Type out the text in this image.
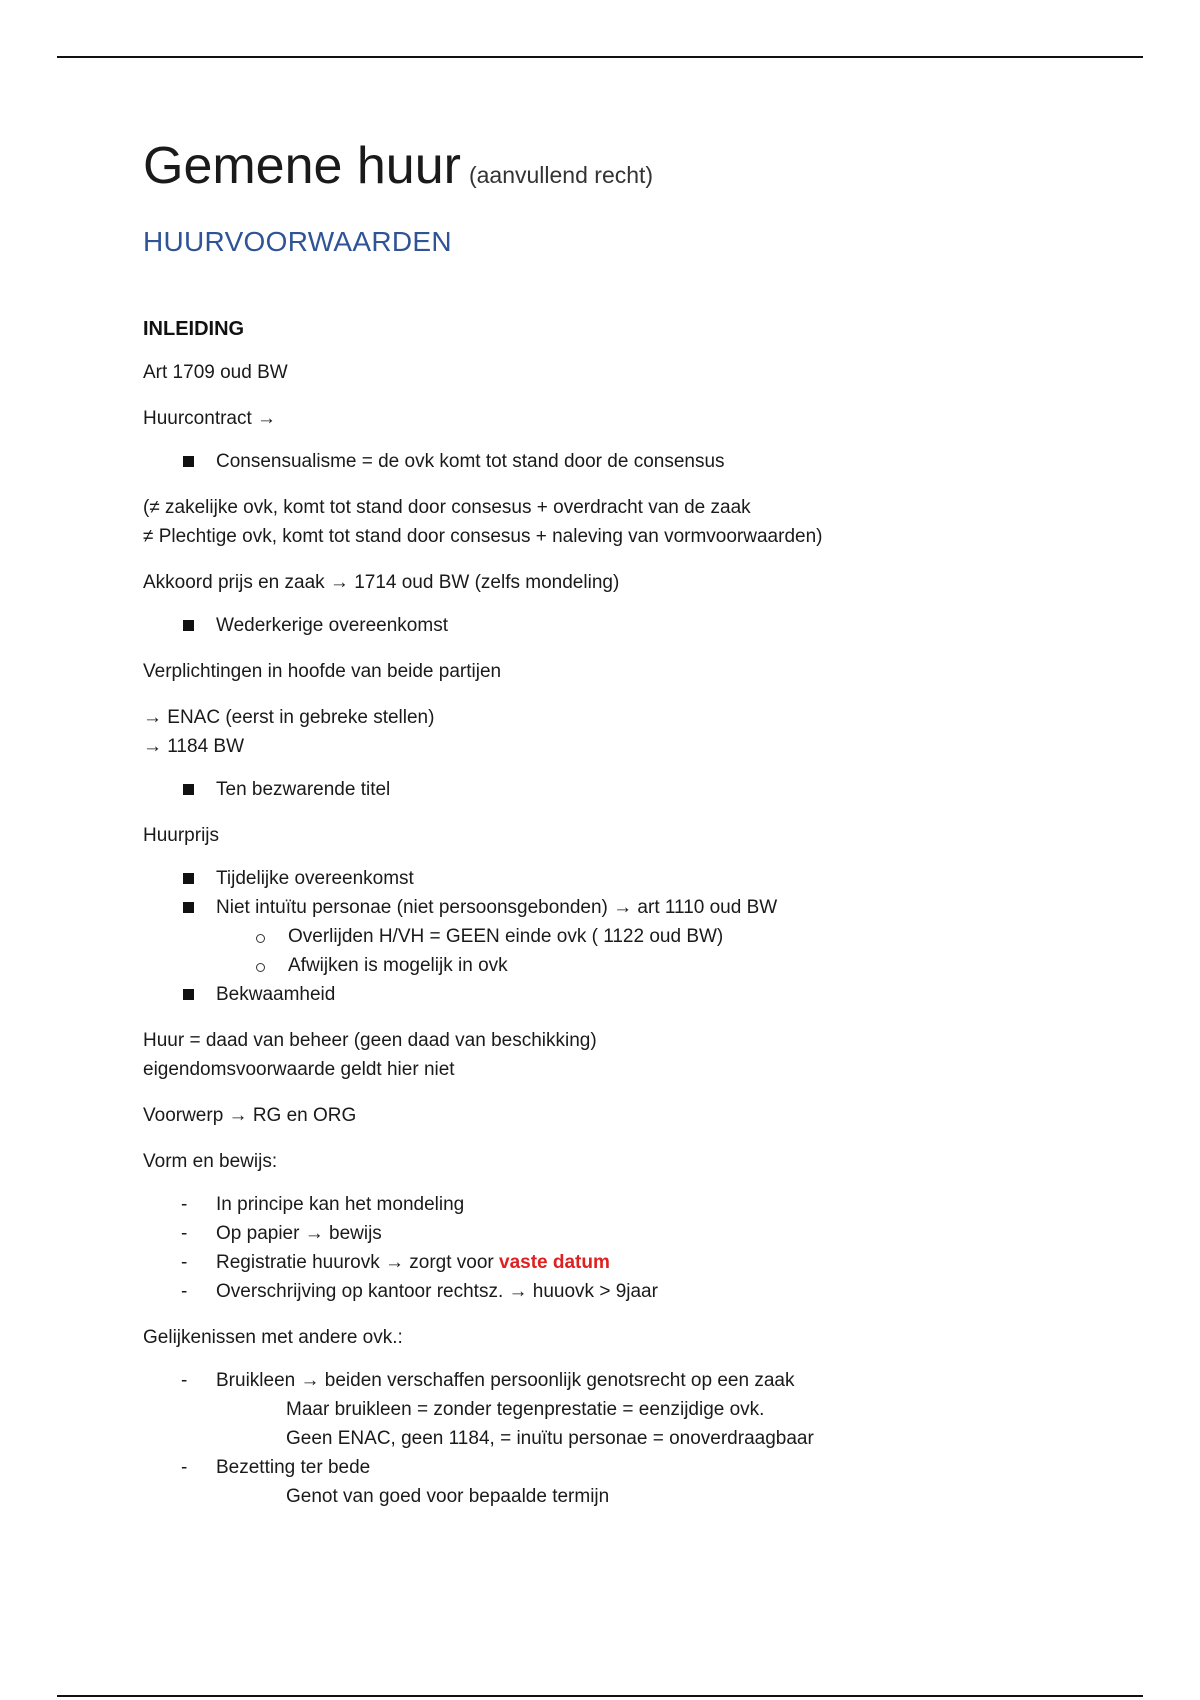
Gemene huur (aanvullend recht)
HUURVOORWAARDEN
INLEIDING

Art 1709 oud BW

Huurcontract →

Consensualisme = de ovk komt tot stand door de consensus

(≠ zakelijke ovk, komt tot stand door consesus + overdracht van de zaak

≠ Plechtige ovk, komt tot stand door consesus + naleving van vormvoorwaarden)

Akkoord prijs en zaak → 1714 oud BW (zelfs mondeling)

Wederkerige overeenkomst

Verplichtingen in hoofde van beide partijen

→ ENAC (eerst in gebreke stellen)

→ 1184 BW

Ten bezwarende titel

Huurprijs

Tijdelijke overeenkomst
Niet intuïtu personae (niet persoonsgebonden) → art 1110 oud BW
Overlijden H/VH = GEEN einde ovk ( 1122 oud BW)
Afwijken is mogelijk in ovk
Bekwaamheid

Huur = daad van beheer (geen daad van beschikking)

eigendomsvoorwaarde geldt hier niet

Voorwerp → RG en ORG

Vorm en bewijs:

- In principe kan het mondeling
- Op papier → bewijs
- Registratie huurovk → zorgt voor vaste datum
- Overschrijving op kantoor rechtsz. → huuovk > 9jaar

Gelijkenissen met andere ovk.:

- Bruikleen → beiden verschaffen persoonlijk genotsrecht op een zaak
Maar bruikleen = zonder tegenprestatie = eenzijdige ovk.
Geen ENAC, geen 1184, = inuïtu personae = onoverdraagbaar
- Bezetting ter bede
Genot van goed voor bepaalde termijn
